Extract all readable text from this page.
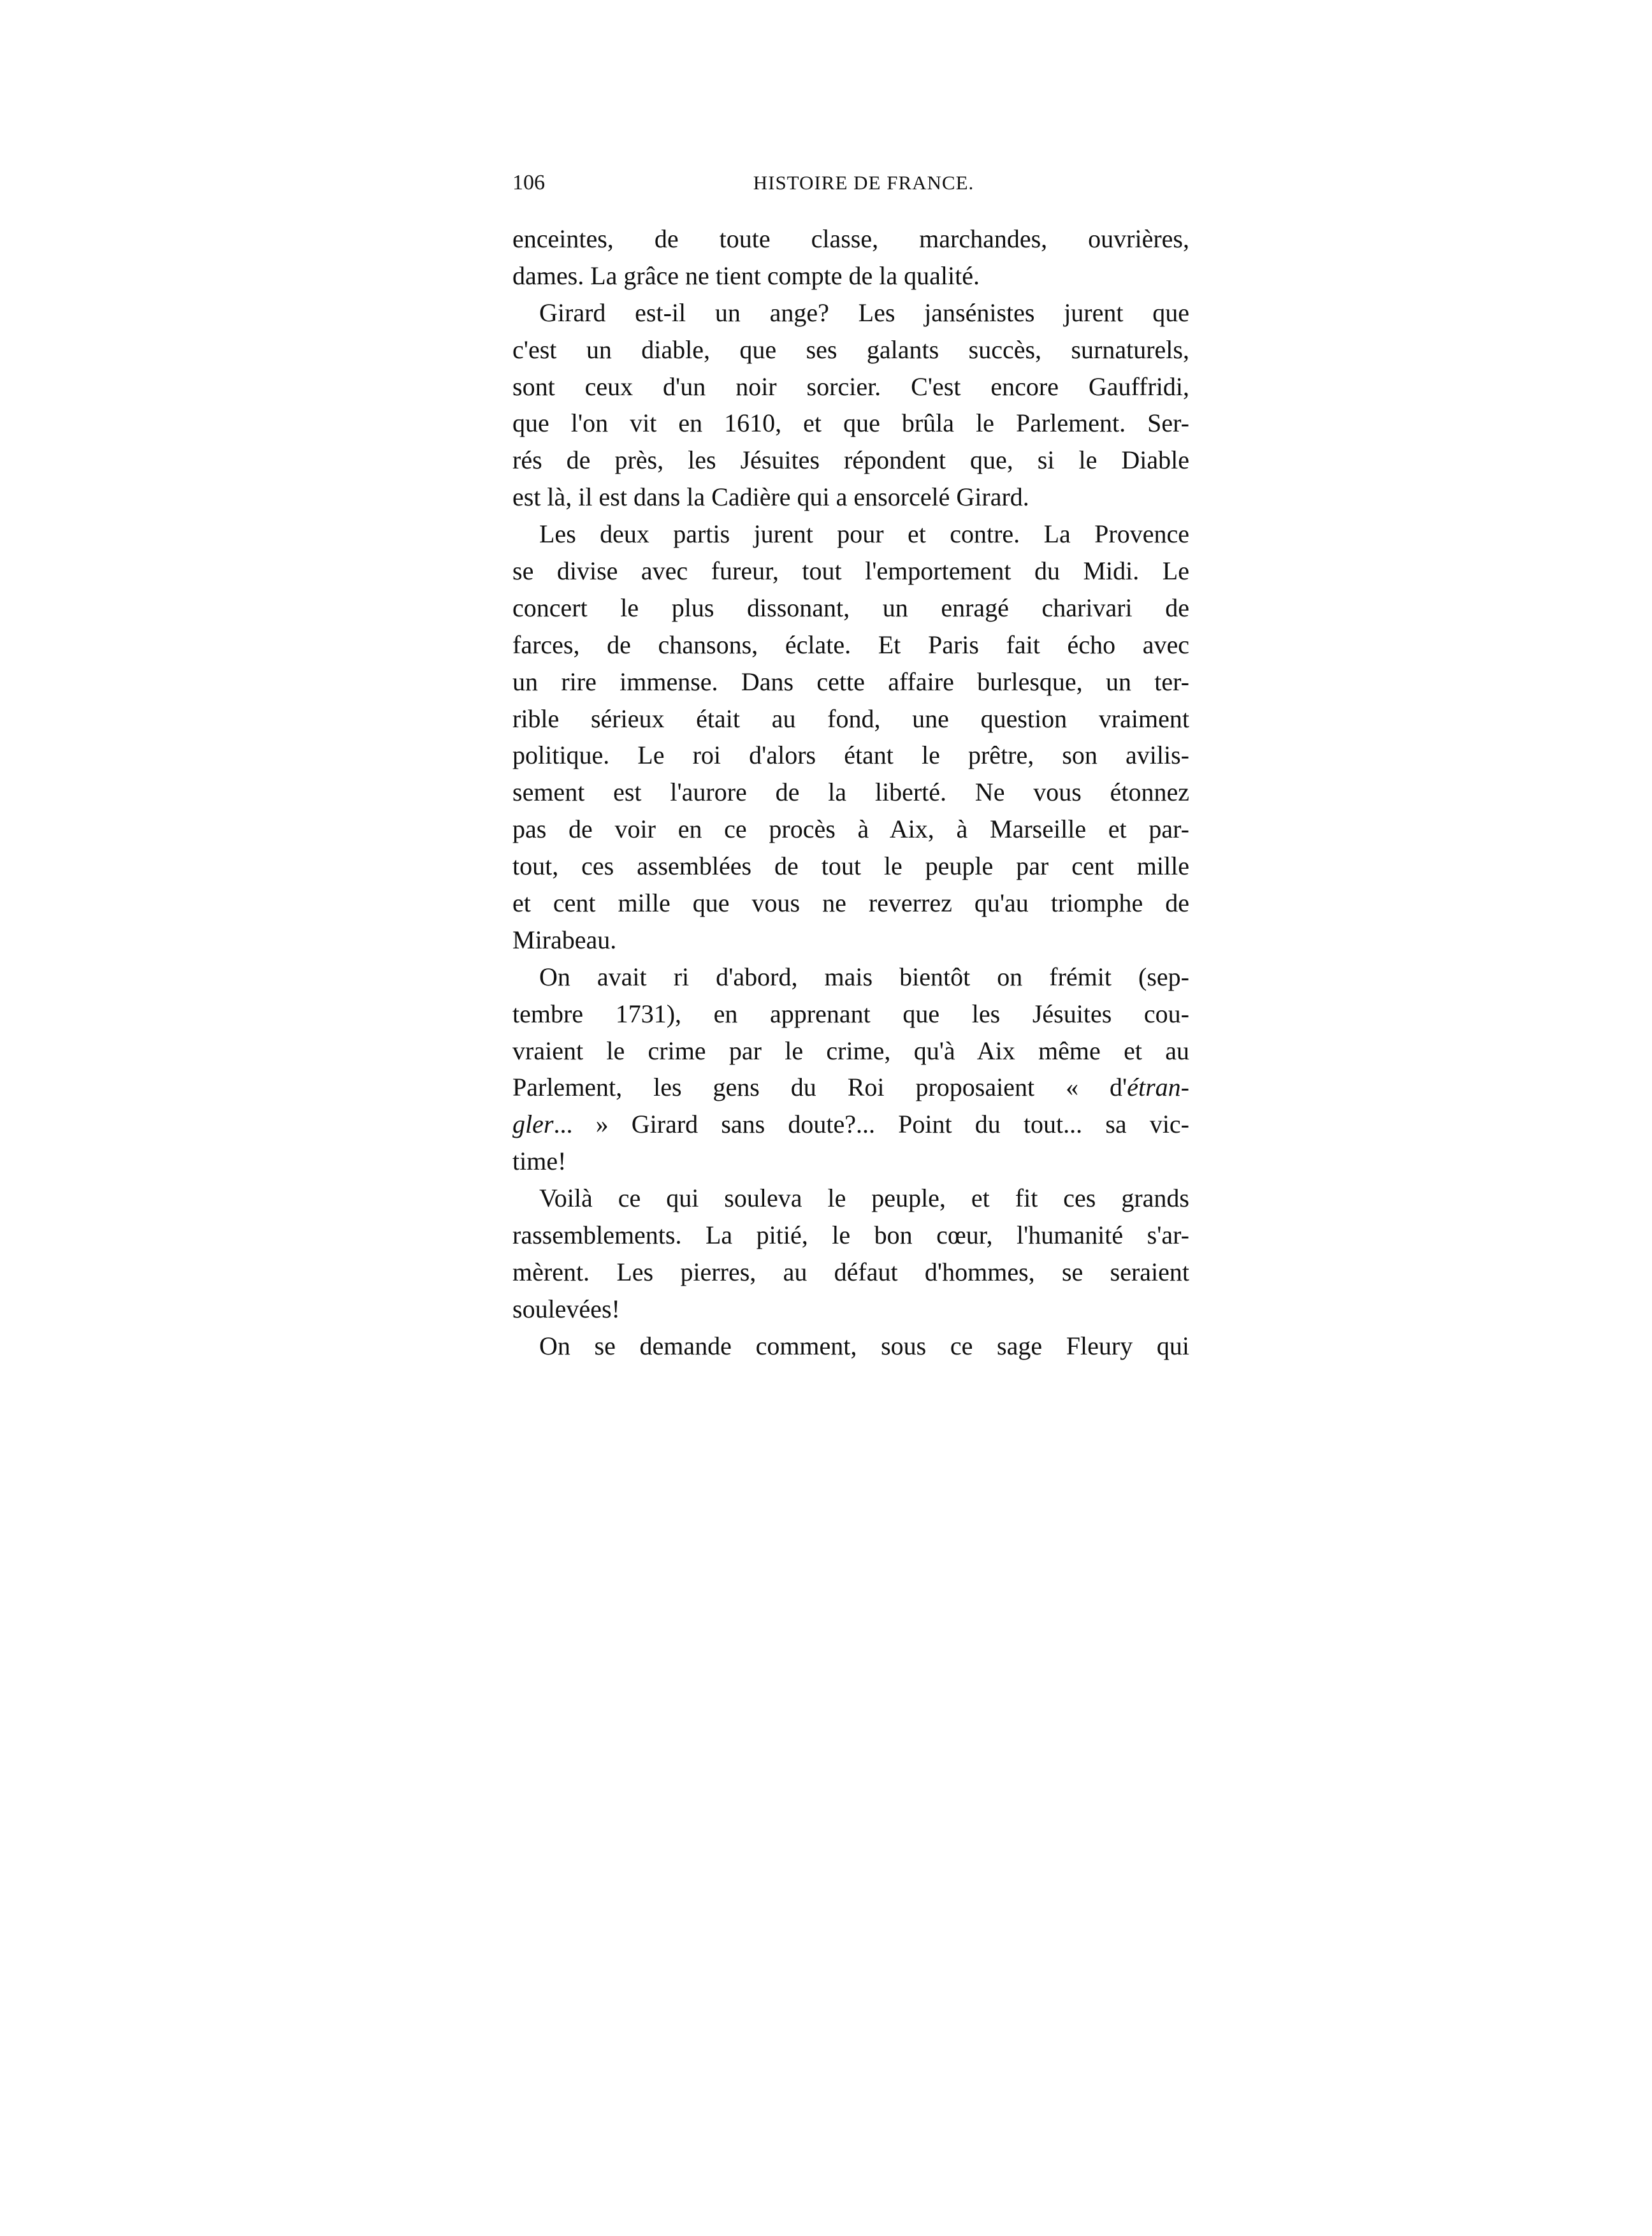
106	HISTOIRE DE FRANCE.
enceintes, de toute classe, marchandes, ouvrières,
dames. La grâce ne tient compte de la qualité.
Girard est-il un ange? Les jansénistes jurent que
c'est un diable, que ses galants succès, surnaturels,
sont ceux d'un noir sorcier. C'est encore Gauffridi,
que l'on vit en 1610, et que brûla le Parlement. Ser-
rés de près, les Jésuites répondent que, si le Diable
est là, il est dans la Cadière qui a ensorcelé Girard.
Les deux partis jurent pour et contre. La Provence
se divise avec fureur, tout l'emportement du Midi. Le
concert le plus dissonant, un enragé charivari de
farces, de chansons, éclate. Et Paris fait écho avec
un rire immense. Dans cette affaire burlesque, un ter-
rible sérieux était au fond, une question vraiment
politique. Le roi d'alors étant le prêtre, son avilis-
sement est l'aurore de la liberté. Ne vous étonnez
pas de voir en ce procès à Aix, à Marseille et par-
tout, ces assemblées de tout le peuple par cent mille
et cent mille que vous ne reverrez qu'au triomphe de
Mirabeau.
On avait ri d'abord, mais bientôt on frémit (sep-
tembre 1731), en apprenant que les Jésuites cou-
vraient le crime par le crime, qu'à Aix même et au
Parlement, les gens du Roi proposaient « d'étran-
gler... » Girard sans doute?... Point du tout... sa vic-
time!
Voilà ce qui souleva le peuple, et fit ces grands
rassemblements. La pitié, le bon cœur, l'humanité s'ar-
mèrent. Les pierres, au défaut d'hommes, se seraient
soulevées!
On se demande comment, sous ce sage Fleury qui
